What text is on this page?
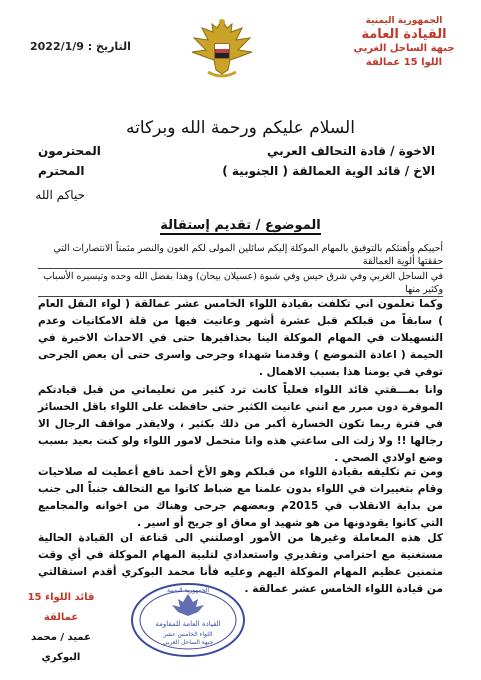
الجمهورية اليمنية
القيادة العامة
جبهة الساحل الغربي
اللوا 15 عمالقة
التاريخ : 2022/1/9
السلام عليكم ورحمة الله وبركاته
الاخوة / قادة التحالف العربي
المحترمون
الاخ / قائد الوية العمالقة ( الجنوبية )
المحترم
حياكم الله
الموضوع / تقديم إستقالة
أحييكم وأهنئكم بالتوفيق بالمهام الموكلة إليكم سائلين المولى لكم العون والنصر مثمناً الانتصارات التي حققتها ألوية العمالقة
في الساحل الغربي وفي شرق حيس وفي شبوة (عسيلان بيحان) وهذا بفضل الله وحده وتيسيره الأسباب وكثير منها
وكما تعلمون اني تكلفت بقيادة اللواء الخامس عشر عمالقة ( لواء النقل العام ) سابقاً من قبلكم قبل عشرة أشهر وعانيت فيها من قلة الامكانيات وعدم التسهيلات في المهام الموكلة الينا بحذافيرها حتى في الاحداث الاخيرة في الحيمة ( اعادة التموضع ) وقدمنا شهداء وجرحى واسرى حتى أن بعض الجرحى توفي في يومنا هذا بسبب الاهمال .
وانا بمـــقتي قائد اللواء فعلياً كانت ترد كثير من تعليماتي من قبل قيادتكم الموقرة دون مبرر مع انني عانيت الكثير حتى حافظت على اللواء باقل الخسائر في فترة ربما تكون الخسارة أكبر من ذلك بكثير ، ولايقدر مواقف الرجال الا رجالها !! ولا زلت الى ساعتي هذه وانا متحمل لامور اللواء ولو كنت بعيد بسبب وضع اولادي الصحي .
ومن تم تكليفه بقيادة اللواء من قبلكم وهو الأخ أحمد نافع أعطيت له صلاحيات وقام بتغييرات في اللواء بدون علمنا مع ضباط كانوا مع التحالف جنباً الى جنب من بداية الانقلاب في 2015م وبعضهم جرحى وهناك من اخوانه والمجاميع التي كانوا يقودونها من هو شهيد او معاق او جريح أو اسير .
كل هذه المعاملة وغيرها من الأمور اوصلتني الى قناعة ان القيادة الحالية مستغنية مع احترامي وتقديري واستعدادي لتلبية المهام الموكلة في أي وقت مثمنين عظيم المهام الموكلة اليهم وعليه فأنا محمد البوكري أقدم استقالتي من قيادة اللواء الخامس عشر عمالقة .
قائد اللواء 15 عمالقة
عميد / محمد البوكري
القيادة العامة للمقاومة
اللواء الخامس عشر
جبهة الساحل الغربي
الجمهورية اليمنية
